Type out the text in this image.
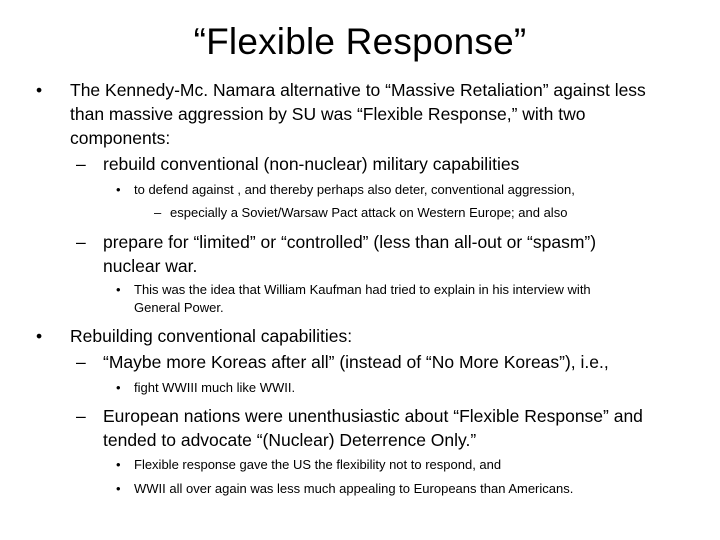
“Flexible Response”
• The Kennedy-Mc. Namara alternative to “Massive Retaliation” against less
than massive aggression by SU was “Flexible Response,” with two
components:
– rebuild conventional (non-nuclear) military capabilities
• to defend against , and thereby perhaps also deter, conventional aggression,
– especially a Soviet/Warsaw Pact attack on Western Europe; and also
– prepare for “limited” or “controlled” (less than all-out or “spasm”)
nuclear war.
• This was the idea that William Kaufman had tried to explain in his interview with
General Power.
• Rebuilding conventional capabilities:
– “Maybe more Koreas after all” (instead of “No More Koreas”), i.e.,
• fight WWIII much like WWII.
– European nations were unenthusiastic about “Flexible Response” and
tended to advocate “(Nuclear) Deterrence Only.”
• Flexible response gave the US the flexibility not to respond, and
• WWII all over again was less much appealing to Europeans than Americans.
